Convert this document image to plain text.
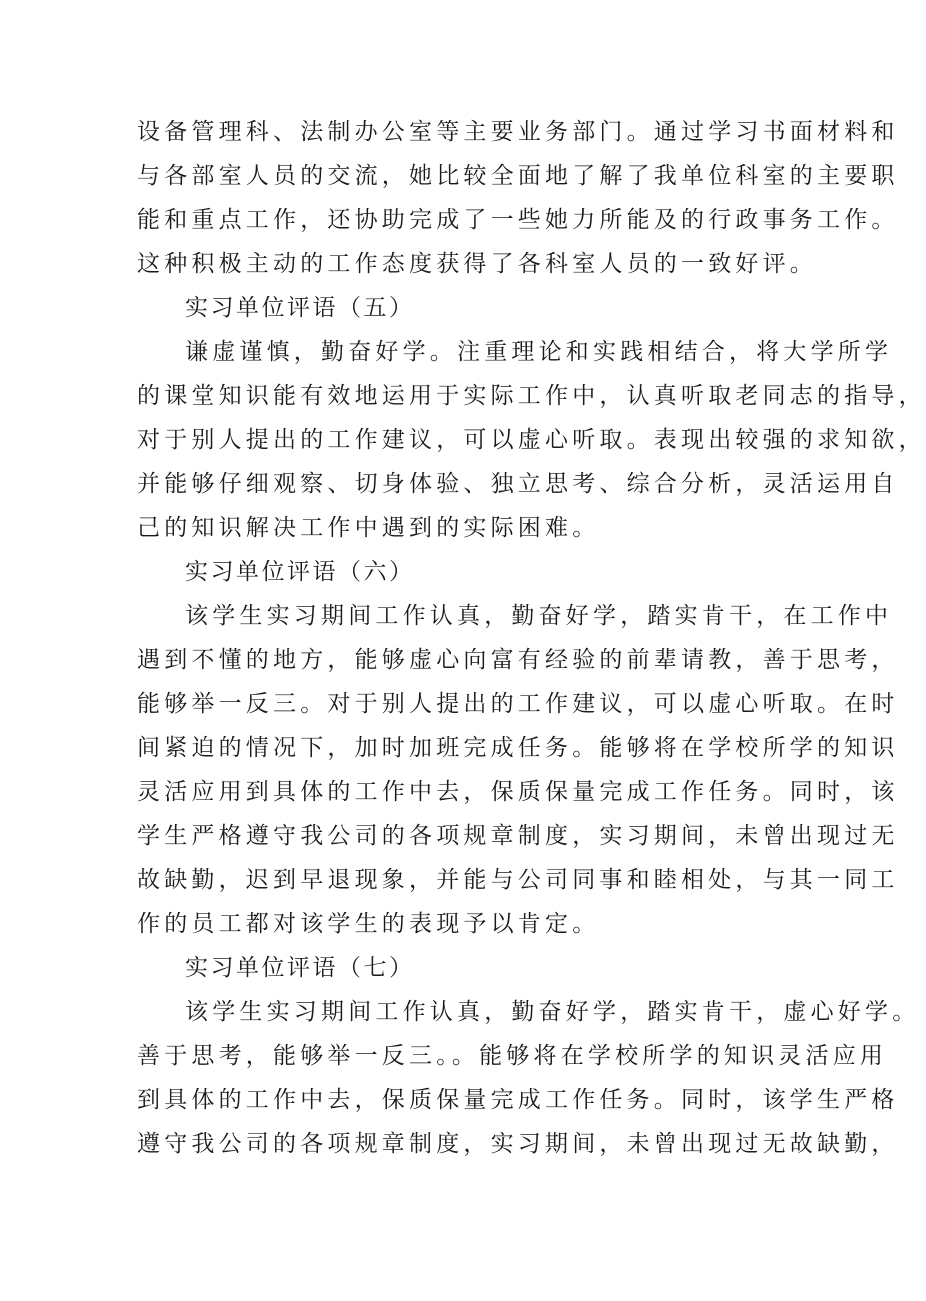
设备管理科、法制办公室等主要业务部门。通过学习书面材料和
与各部室人员的交流，她比较全面地了解了我单位科室的主要职
能和重点工作，还协助完成了一些她力所能及的行政事务工作。
这种积极主动的工作态度获得了各科室人员的一致好评。
实习单位评语（五）
谦虚谨慎，勤奋好学。注重理论和实践相结合，将大学所学
的课堂知识能有效地运用于实际工作中，认真听取老同志的指导，
对于别人提出的工作建议，可以虚心听取。表现出较强的求知欲，
并能够仔细观察、切身体验、独立思考、综合分析，灵活运用自
己的知识解决工作中遇到的实际困难。
实习单位评语（六）
该学生实习期间工作认真，勤奋好学，踏实肯干，在工作中
遇到不懂的地方，能够虚心向富有经验的前辈请教，善于思考，
能够举一反三。对于别人提出的工作建议，可以虚心听取。在时
间紧迫的情况下，加时加班完成任务。能够将在学校所学的知识
灵活应用到具体的工作中去，保质保量完成工作任务。同时，该
学生严格遵守我公司的各项规章制度，实习期间，未曾出现过无
故缺勤，迟到早退现象，并能与公司同事和睦相处，与其一同工
作的员工都对该学生的表现予以肯定。
实习单位评语（七）
该学生实习期间工作认真，勤奋好学，踏实肯干，虚心好学。
善于思考，能够举一反三。。能够将在学校所学的知识灵活应用
到具体的工作中去，保质保量完成工作任务。同时，该学生严格
遵守我公司的各项规章制度，实习期间，未曾出现过无故缺勤，
